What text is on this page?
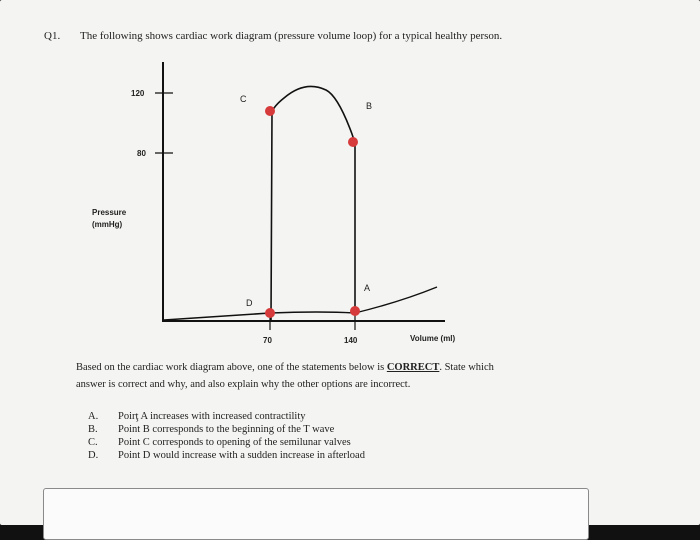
Q1. The following shows cardiac work diagram (pressure volume loop) for a typical healthy person.
120
80
Pressure
(mmHg)
70	140	Volume (ml)
C
B
D
A
Based on the cardiac work diagram above, one of the statements below is CORRECT. State which
answer is correct and why, and also explain why the other options are incorrect.
A.	Poirţ A increases with increased contractility
B.	Point B corresponds to the beginning of the T wave
C.	Point C corresponds to opening of the semilunar valves
D.	Point D would increase with a sudden increase in afterload
